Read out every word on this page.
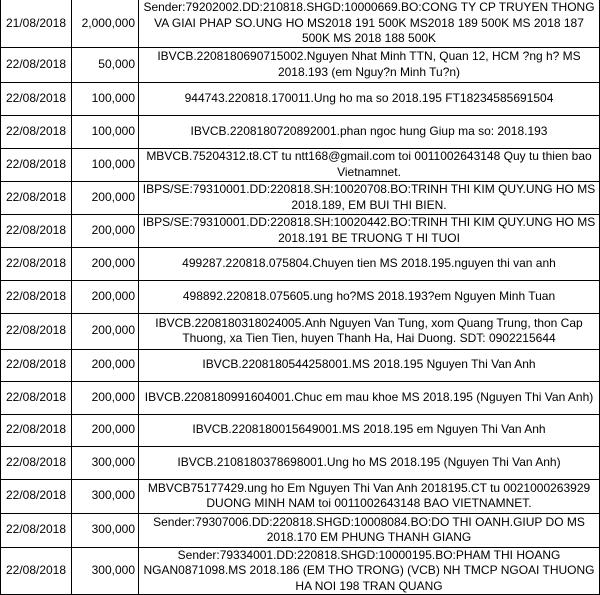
21/08/2018	2,000,000	Sender:79202002.DD:210818.SHGD:10000669.BO:CONG TY CP TRUYEN THONG VA GIAI PHAP SO.UNG HO MS2018 191 500K MS2018 189 500K MS 2018 187 500K MS 2018 188 500K
22/08/2018	50,000	IBVCB.2208180690715002.Nguyen Nhat Minh TTN, Quan 12, HCM ?ng h? MS 2018.193 (em Nguy?n Minh Tu?n)
22/08/2018	100,000	944743.220818.170011.Ung ho ma so 2018.195 FT18234585691504
22/08/2018	100,000	IBVCB.2208180720892001.phan ngoc hung Giup ma so: 2018.193
22/08/2018	100,000	MBVCB.75204312.t8.CT tu ntt168@gmail.com toi 0011002643148 Quy tu thien bao Vietnamnet.
22/08/2018	200,000	IBPS/SE:79310001.DD:220818.SH:10020708.BO:TRINH THI KIM QUY.UNG HO MS 2018.189, EM BUI THI BIEN.
22/08/2018	200,000	IBPS/SE:79310001.DD:220818.SH:10020442.BO:TRINH THI KIM QUY.UNG HO MS 2018.191 BE TRUONG T HI TUOI
22/08/2018	200,000	499287.220818.075804.Chuyen tien MS 2018.195.nguyen thi van anh
22/08/2018	200,000	498892.220818.075605.ung ho?MS 2018.193?em Nguyen Minh Tuan
22/08/2018	200,000	IBVCB.2208180318024005.Anh Nguyen Van Tung, xom Quang Trung, thon Cap Thuong, xa Tien Tien, huyen Thanh Ha, Hai Duong. SDT: 0902215644
22/08/2018	200,000	IBVCB.2208180544258001.MS 2018.195 Nguyen Thi Van Anh
22/08/2018	200,000	IBVCB.2208180991604001.Chuc em mau khoe MS 2018.195 (Nguyen Thi Van Anh)
22/08/2018	200,000	IBVCB.2208180015649001.MS 2018.195 em Nguyen Thi Van Anh
22/08/2018	300,000	IBVCB.2108180378698001.Ung ho MS 2018.195 (Nguyen Thi Van Anh)
22/08/2018	300,000	MBVCB75177429.ung ho Em Nguyen Thi Van Anh 2018195.CT tu 0021000263929 DUONG MINH NAM toi 0011002643148 BAO VIETNAMNET.
22/08/2018	300,000	Sender:79307006.DD:220818.SHGD:10008084.BO:DO THI OANH.GIUP DO MS 2018.170 EM PHUNG THANH GIANG
22/08/2018	300,000	Sender:79334001.DD:220818.SHGD:10000195.BO:PHAM THI HOANG NGAN0871098.MS 2018.186 (EM THO TRONG) (VCB) NH TMCP NGOAI THUONG HA NOI 198 TRAN QUANG
